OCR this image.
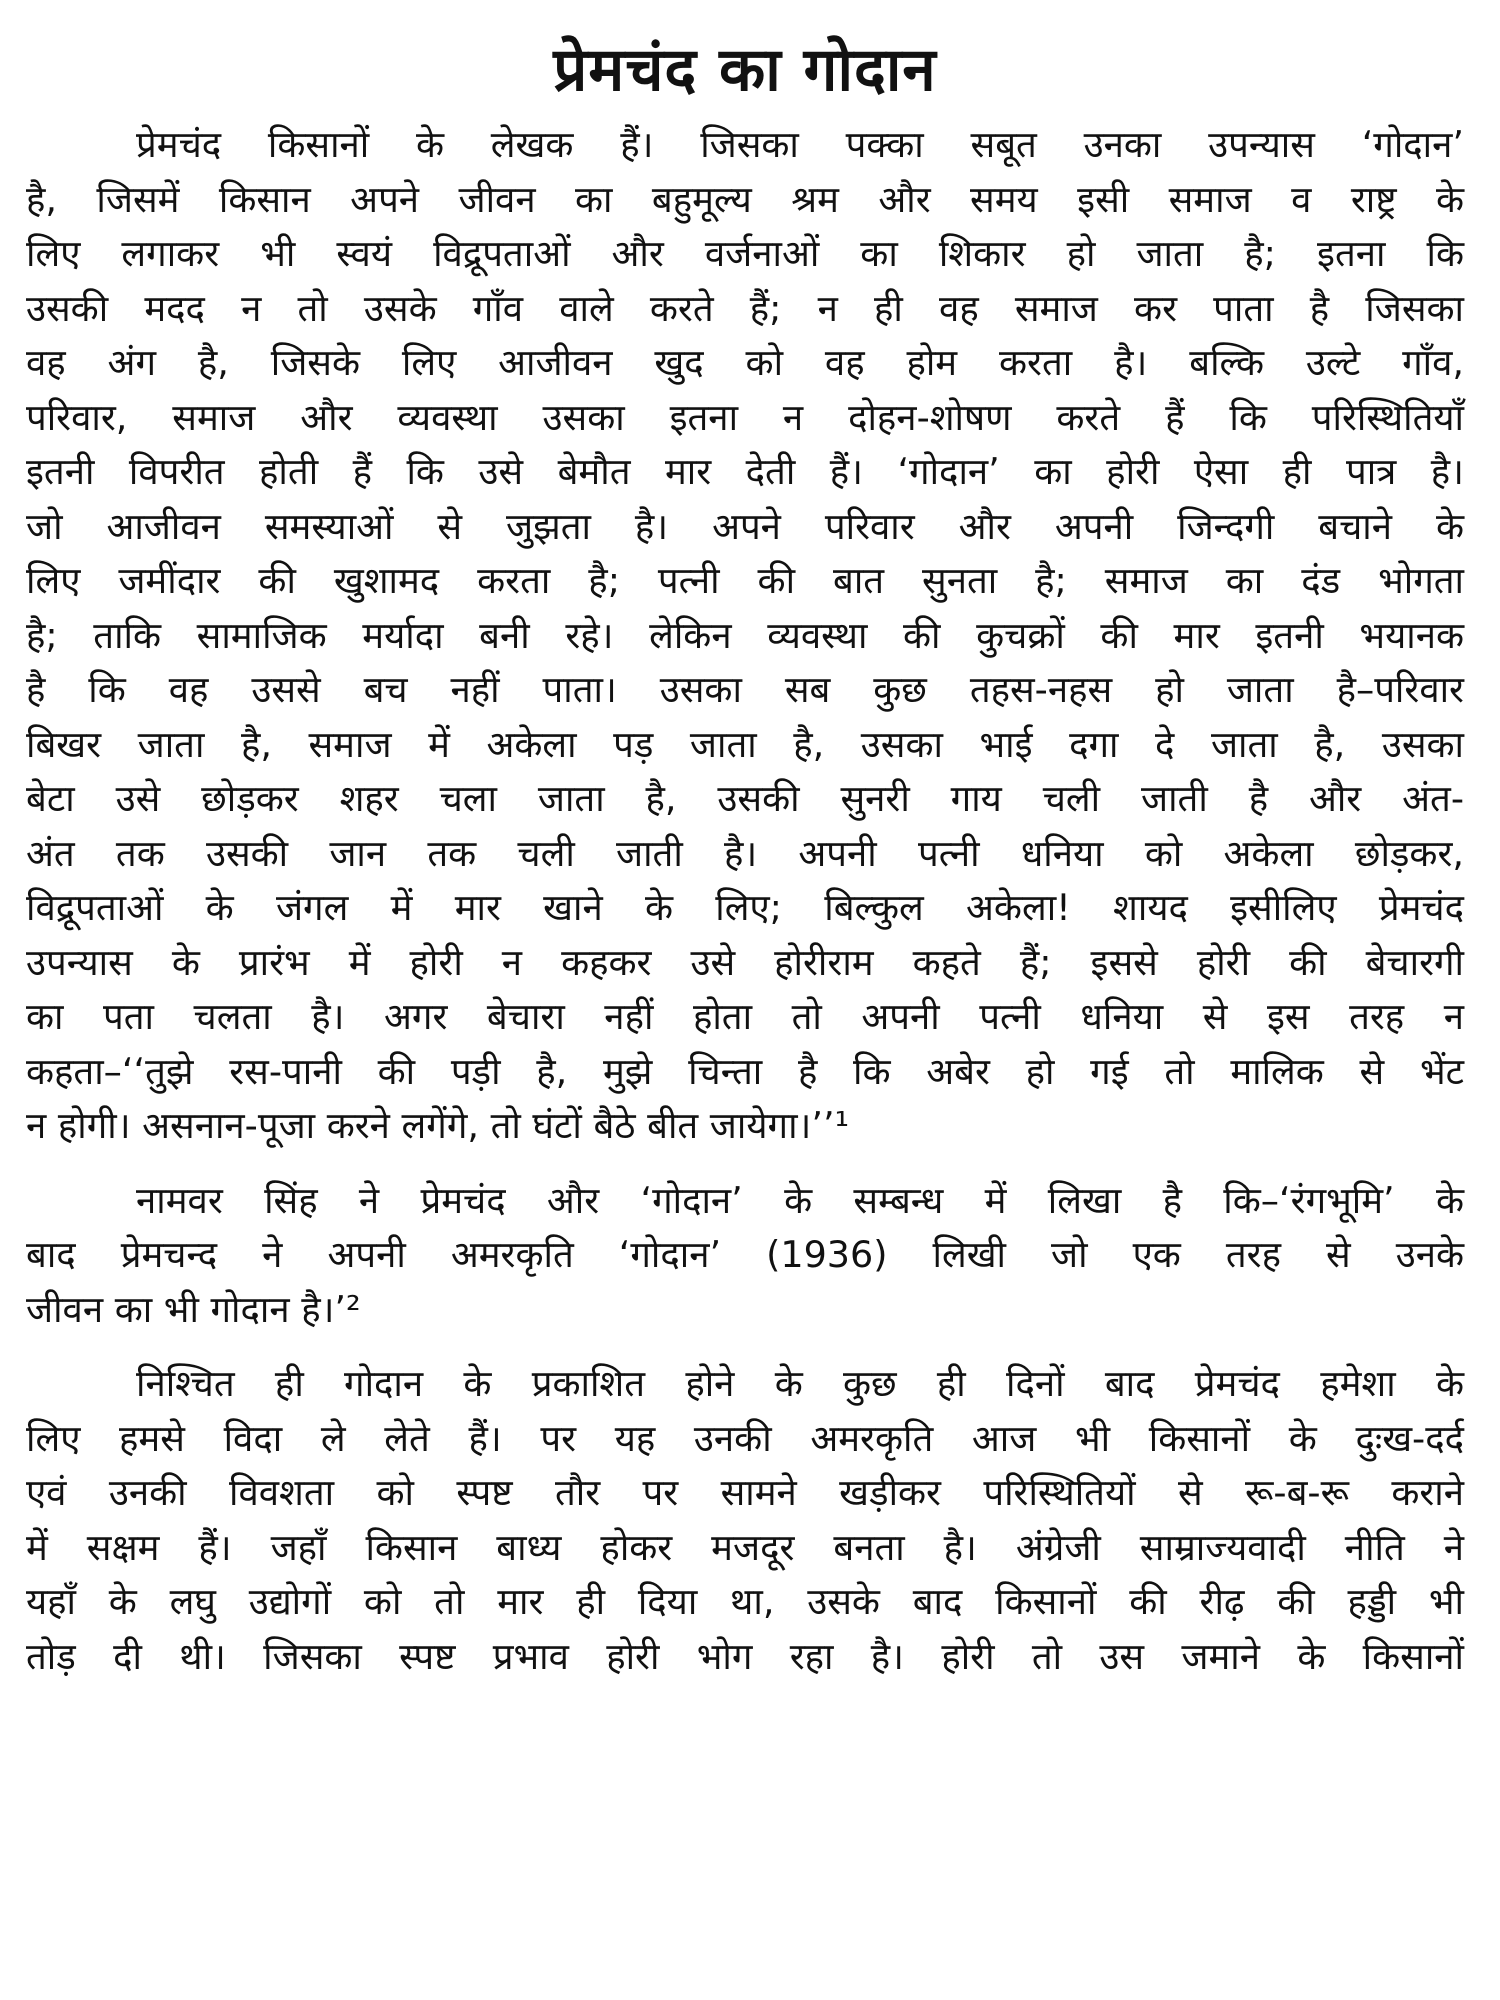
प्रेमचंद का गोदान
प्रेमचंद किसानों के लेखक हैं। जिसका पक्का सबूत उनका उपन्यास ‘गोदान’
है, जिसमें किसान अपने जीवन का बहुमूल्य श्रम और समय इसी समाज व राष्ट्र के
लिए लगाकर भी स्वयं विद्रूपताओं और वर्जनाओं का शिकार हो जाता है; इतना कि
उसकी मदद न तो उसके गाँव वाले करते हैं; न ही वह समाज कर पाता है जिसका
वह अंग है, जिसके लिए आजीवन खुद को वह होम करता है। बल्कि उल्टे गाँव,
परिवार, समाज और व्यवस्था उसका इतना न दोहन-शोषण करते हैं कि परिस्थितियाँ
इतनी विपरीत होती हैं कि उसे बेमौत मार देती हैं। ‘गोदान’ का होरी ऐसा ही पात्र है।
जो आजीवन समस्याओं से जुझता है। अपने परिवार और अपनी जिन्दगी बचाने के
लिए जमींदार की खुशामद करता है; पत्नी की बात सुनता है; समाज का दंड भोगता
है; ताकि सामाजिक मर्यादा बनी रहे। लेकिन व्यवस्था की कुचक्रों की मार इतनी भयानक
है कि वह उससे बच नहीं पाता। उसका सब कुछ तहस-नहस हो जाता है–परिवार
बिखर जाता है, समाज में अकेला पड़ जाता है, उसका भाई दगा दे जाता है, उसका
बेटा उसे छोड़कर शहर चला जाता है, उसकी सुनरी गाय चली जाती है और अंत-
अंत तक उसकी जान तक चली जाती है। अपनी पत्नी धनिया को अकेला छोड़कर,
विद्रूपताओं के जंगल में मार खाने के लिए; बिल्कुल अकेला! शायद इसीलिए प्रेमचंद
उपन्यास के प्रारंभ में होरी न कहकर उसे होरीराम कहते हैं; इससे होरी की बेचारगी
का पता चलता है। अगर बेचारा नहीं होता तो अपनी पत्नी धनिया से इस तरह न
कहता–‘‘तुझे रस-पानी की पड़ी है, मुझे चिन्ता है कि अबेर हो गई तो मालिक से भेंट
न होगी। असनान-पूजा करने लगेंगे, तो घंटों बैठे बीत जायेगा।’’¹
नामवर सिंह ने प्रेमचंद और ‘गोदान’ के सम्बन्ध में लिखा है कि–‘रंगभूमि’ के
बाद प्रेमचन्द ने अपनी अमरकृति ‘गोदान’ (1936) लिखी जो एक तरह से उनके
जीवन का भी गोदान है।’²
निश्चित ही गोदान के प्रकाशित होने के कुछ ही दिनों बाद प्रेमचंद हमेशा के
लिए हमसे विदा ले लेते हैं। पर यह उनकी अमरकृति आज भी किसानों के दुःख-दर्द
एवं उनकी विवशता को स्पष्ट तौर पर सामने खड़ीकर परिस्थितियों से रू-ब-रू कराने
में सक्षम हैं। जहाँ किसान बाध्य होकर मजदूर बनता है। अंग्रेजी साम्राज्यवादी नीति ने
यहाँ के लघु उद्योगों को तो मार ही दिया था, उसके बाद किसानों की रीढ़ की हड्डी भी
तोड़ दी थी। जिसका स्पष्ट प्रभाव होरी भोग रहा है। होरी तो उस जमाने के किसानों
